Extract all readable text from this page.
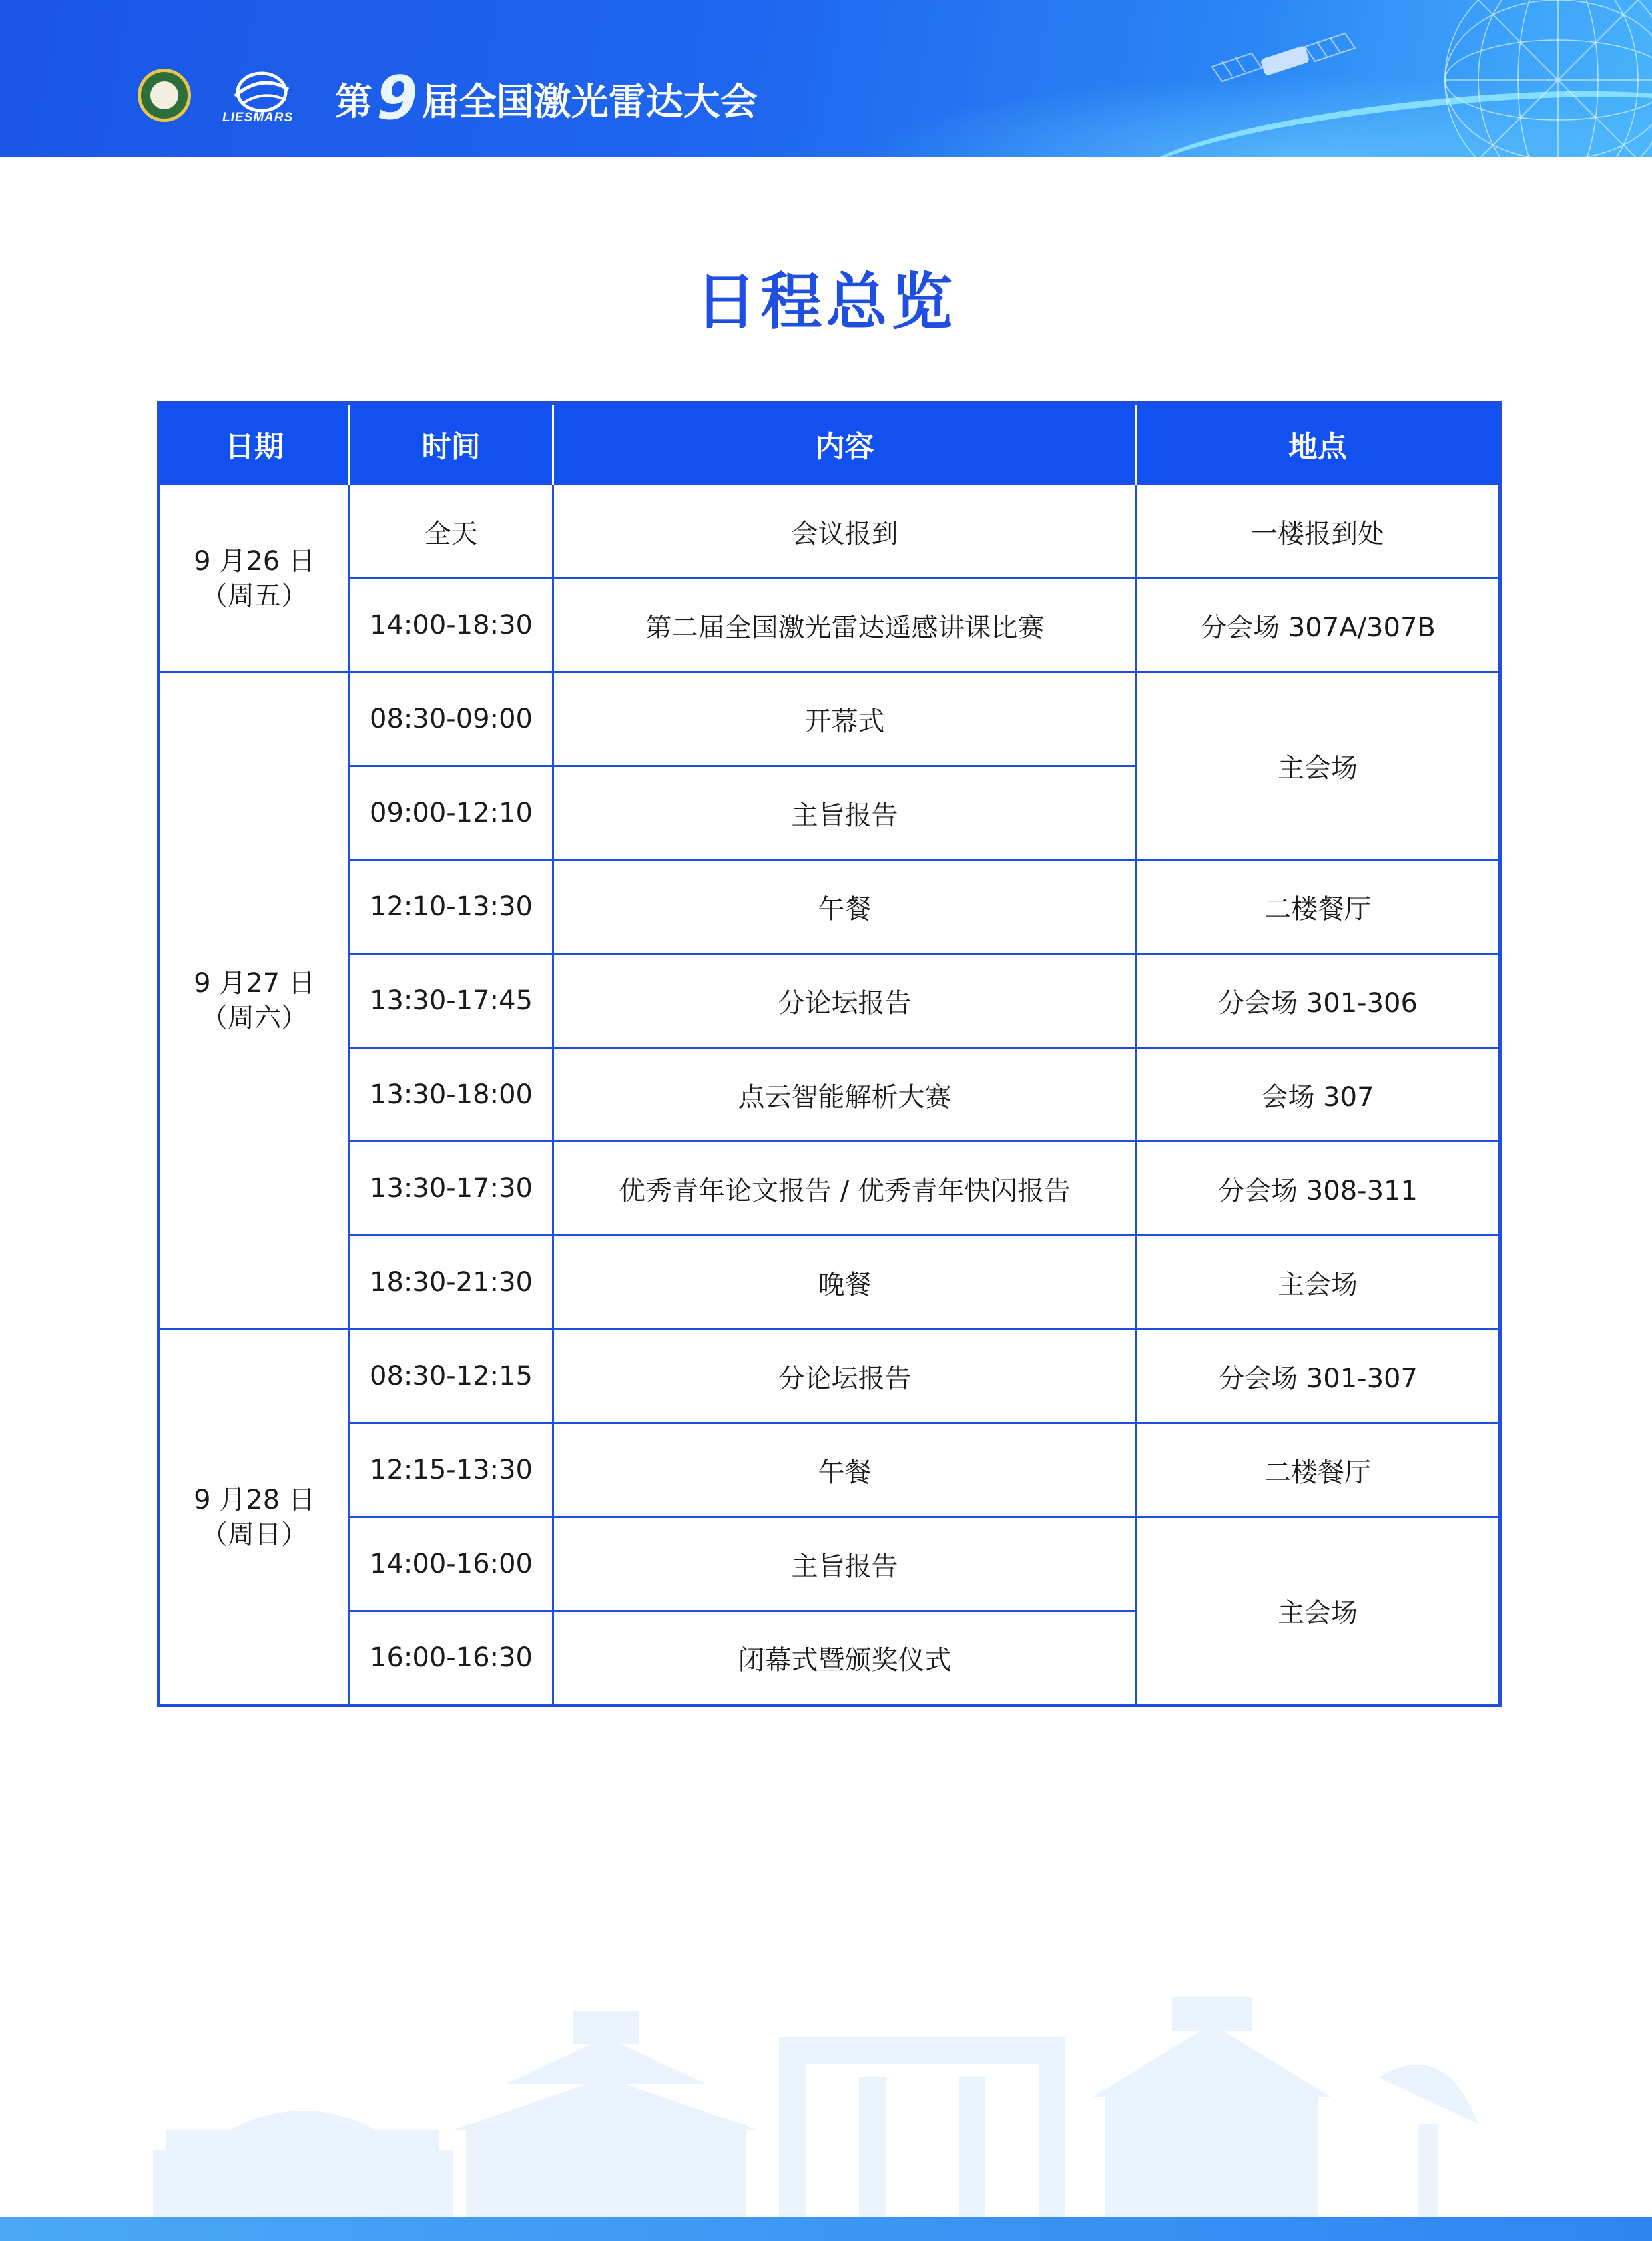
LIESMARS 第9 届全国激光雷达大会
日程总览
日期	时间	内容	地点

9 月26 日
（周五）	全天	会议报到	一楼报到处
	14:00-18:30	第二届全国激光雷达遥感讲课比赛	分会场 307A/307B

9 月27 日
（周六）	08:30-09:00	开幕式	主会场
	09:00-12:10	主旨报告	
	12:10-13:30	午餐	二楼餐厅
	13:30-17:45	分论坛报告	分会场 301-306
	13:30-18:00	点云智能解析大赛	会场 307
	13:30-17:30	优秀青年论文报告 / 优秀青年快闪报告	分会场 308-311
	18:30-21:30	晚餐	主会场

9 月28 日
（周日）	08:30-12:15	分论坛报告	分会场 301-307
	12:15-13:30	午餐	二楼餐厅
	14:00-16:00	主旨报告	主会场
	16:00-16:30	闭幕式暨颁奖仪式	
